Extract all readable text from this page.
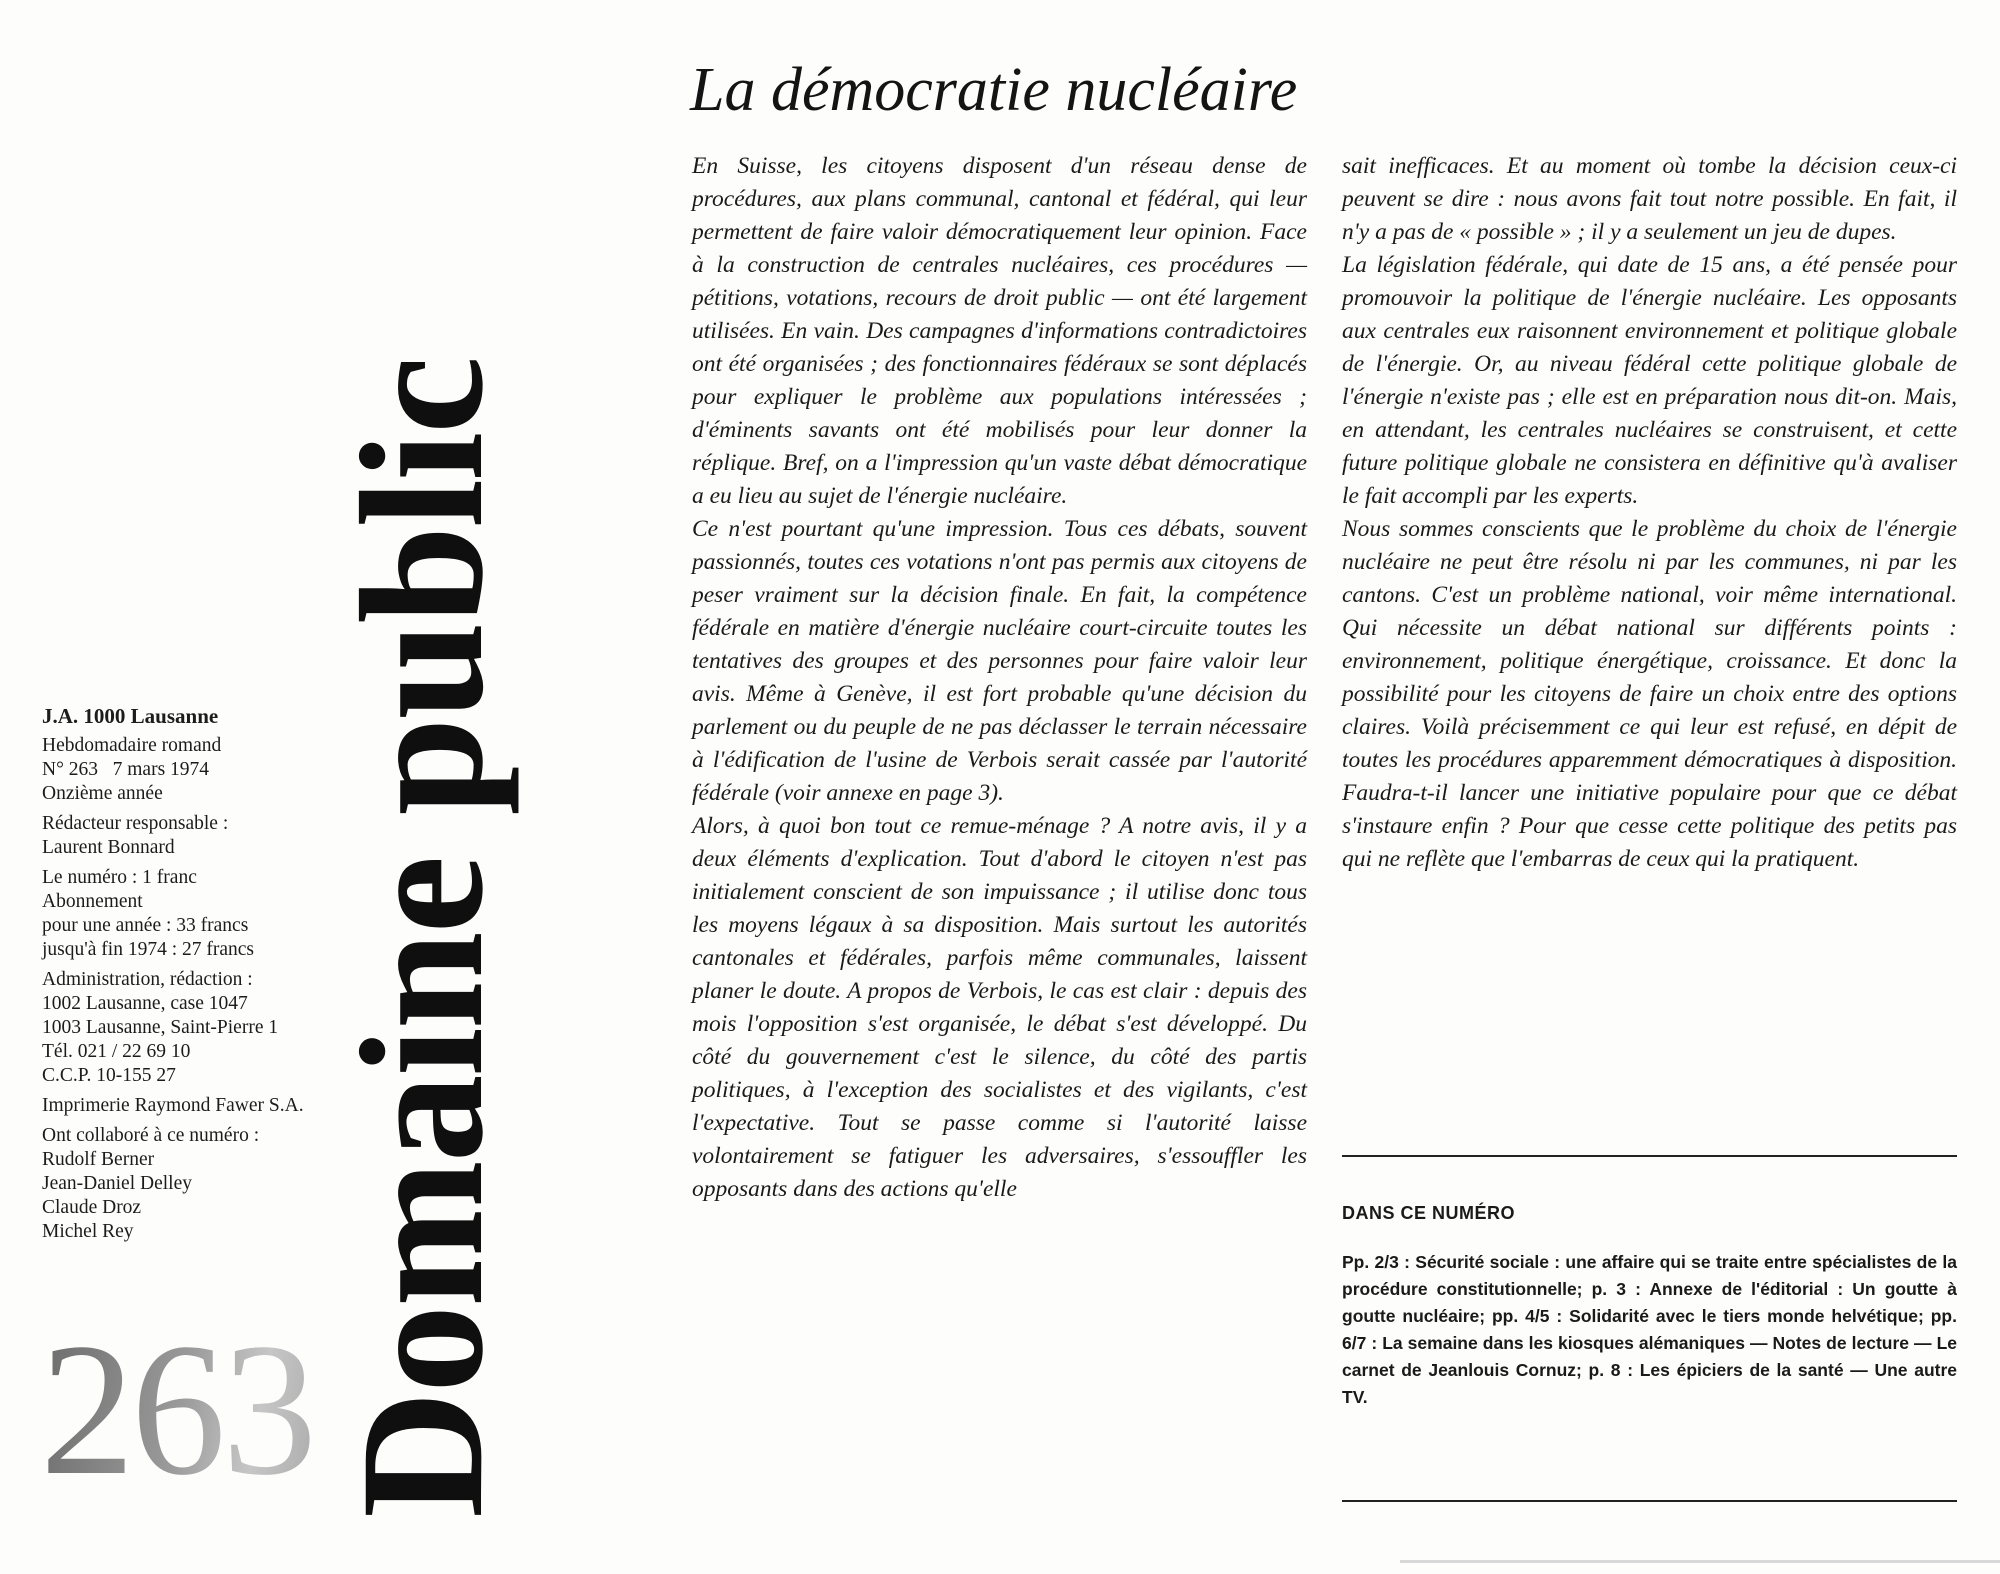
J.A. 1000 Lausanne
Hebdomadaire romand
N° 263   7 mars 1974
Onzième année
Rédacteur responsable :
Laurent Bonnard
Le numéro : 1 franc
Abonnement
pour une année : 33 francs
jusqu'à fin 1974 : 27 francs
Administration, rédaction :
1002 Lausanne, case 1047
1003 Lausanne, Saint-Pierre 1
Tél. 021 / 22 69 10
C.C.P. 10-155 27
Imprimerie Raymond Fawer S.A.
Ont collaboré à ce numéro :
Rudolf Berner
Jean-Daniel Delley
Claude Droz
Michel Rey
263 Domaine public
La démocratie nucléaire

En Suisse, les citoyens disposent d'un réseau dense de procédures, aux plans communal, cantonal et fédéral, qui leur permettent de faire valoir démocratiquement leur opinion. Face à la construction de centrales nucléaires, ces procédures — pétitions, votations, recours de droit public — ont été largement utilisées. En vain. Des campagnes d'informations contradictoires ont été organisées ; des fonctionnaires fédéraux se sont déplacés pour expliquer le problème aux populations intéressées ; d'éminents savants ont été mobilisés pour leur donner la réplique. Bref, on a l'impression qu'un vaste débat démocratique a eu lieu au sujet de l'énergie nucléaire.

Ce n'est pourtant qu'une impression. Tous ces débats, souvent passionnés, toutes ces votations n'ont pas permis aux citoyens de peser vraiment sur la décision finale. En fait, la compétence fédérale en matière d'énergie nucléaire court-circuite toutes les tentatives des groupes et des personnes pour faire valoir leur avis. Même à Genève, il est fort probable qu'une décision du parlement ou du peuple de ne pas déclasser le terrain nécessaire à l'édification de l'usine de Verbois serait cassée par l'autorité fédérale (voir annexe en page 3).

Alors, à quoi bon tout ce remue-ménage ? A notre avis, il y a deux éléments d'explication. Tout d'abord le citoyen n'est pas initialement conscient de son impuissance ; il utilise donc tous les moyens légaux à sa disposition. Mais surtout les autorités cantonales et fédérales, parfois même communales, laissent planer le doute. A propos de Verbois, le cas est clair : depuis des mois l'opposition s'est organisée, le débat s'est développé. Du côté du gouvernement c'est le silence, du côté des partis politiques, à l'exception des socialistes et des vigilants, c'est l'expectative. Tout se passe comme si l'autorité laisse volontairement se fatiguer les adversaires, s'essouffler les opposants dans des actions qu'elle

sait inefficaces. Et au moment où tombe la décision ceux-ci peuvent se dire : nous avons fait tout notre possible. En fait, il n'y a pas de « possible » ; il y a seulement un jeu de dupes.

La législation fédérale, qui date de 15 ans, a été pensée pour promouvoir la politique de l'énergie nucléaire. Les opposants aux centrales eux raisonnent environnement et politique globale de l'énergie. Or, au niveau fédéral cette politique globale de l'énergie n'existe pas ; elle est en préparation nous dit-on. Mais, en attendant, les centrales nucléaires se construisent, et cette future politique globale ne consistera en définitive qu'à avaliser le fait accompli par les experts.

Nous sommes conscients que le problème du choix de l'énergie nucléaire ne peut être résolu ni par les communes, ni par les cantons. C'est un problème national, voir même international. Qui nécessite un débat national sur différents points : environnement, politique énergétique, croissance. Et donc la possibilité pour les citoyens de faire un choix entre des options claires. Voilà précisemment ce qui leur est refusé, en dépit de toutes les procédures apparemment démocratiques à disposition. Faudra-t-il lancer une initiative populaire pour que ce débat s'instaure enfin ? Pour que cesse cette politique des petits pas qui ne reflète que l'embarras de ceux qui la pratiquent.

DANS CE NUMÉRO
Pp. 2/3 : Sécurité sociale : une affaire qui se traite entre spécialistes de la procédure constitutionnelle; p. 3 : Annexe de l'éditorial : Un goutte à goutte nucléaire; pp. 4/5 : Solidarité avec le tiers monde helvétique; pp. 6/7 : La semaine dans les kiosques alémaniques — Notes de lecture — Le carnet de Jeanlouis Cornuz; p. 8 : Les épiciers de la santé — Une autre TV.
